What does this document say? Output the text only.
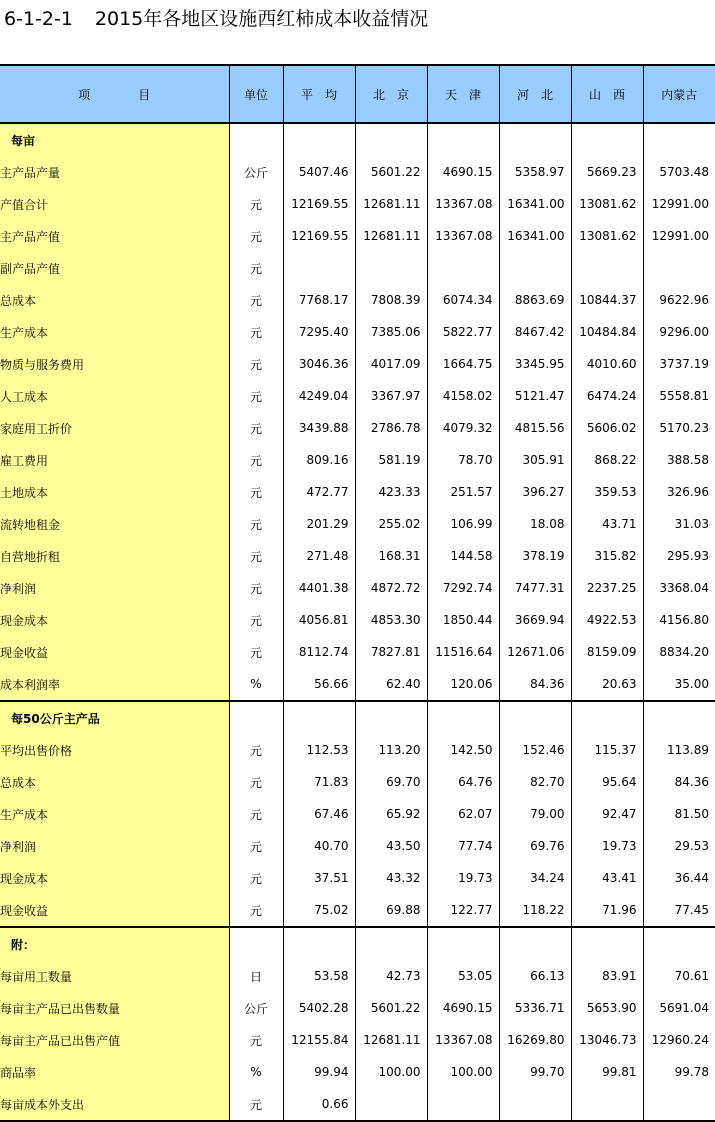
6-1-2-1 2015年各地区设施西红柿成本收益情况
项　　　　目	单位	平　均	北　京	天　津	河　北	山　西	内蒙古
每亩							
主产品产量	公斤	5407.46	5601.22	4690.15	5358.97	5669.23	5703.48
产值合计	元	12169.55	12681.11	13367.08	16341.00	13081.62	12991.00
主产品产值	元	12169.55	12681.11	13367.08	16341.00	13081.62	12991.00
副产品产值	元						
总成本	元	7768.17	7808.39	6074.34	8863.69	10844.37	9622.96
生产成本	元	7295.40	7385.06	5822.77	8467.42	10484.84	9296.00
物质与服务费用	元	3046.36	4017.09	1664.75	3345.95	4010.60	3737.19
人工成本	元	4249.04	3367.97	4158.02	5121.47	6474.24	5558.81
家庭用工折价	元	3439.88	2786.78	4079.32	4815.56	5606.02	5170.23
雇工费用	元	809.16	581.19	78.70	305.91	868.22	388.58
土地成本	元	472.77	423.33	251.57	396.27	359.53	326.96
流转地租金	元	201.29	255.02	106.99	18.08	43.71	31.03
自营地折租	元	271.48	168.31	144.58	378.19	315.82	295.93
净利润	元	4401.38	4872.72	7292.74	7477.31	2237.25	3368.04
现金成本	元	4056.81	4853.30	1850.44	3669.94	4922.53	4156.80
现金收益	元	8112.74	7827.81	11516.64	12671.06	8159.09	8834.20
成本利润率	%	56.66	62.40	120.06	84.36	20.63	35.00
每50公斤主产品							
平均出售价格	元	112.53	113.20	142.50	152.46	115.37	113.89
总成本	元	71.83	69.70	64.76	82.70	95.64	84.36
生产成本	元	67.46	65.92	62.07	79.00	92.47	81.50
净利润	元	40.70	43.50	77.74	69.76	19.73	29.53
现金成本	元	37.51	43.32	19.73	34.24	43.41	36.44
现金收益	元	75.02	69.88	122.77	118.22	71.96	77.45
附：							
每亩用工数量	日	53.58	42.73	53.05	66.13	83.91	70.61
每亩主产品已出售数量	公斤	5402.28	5601.22	4690.15	5336.71	5653.90	5691.04
每亩主产品已出售产值	元	12155.84	12681.11	13367.08	16269.80	13046.73	12960.24
商品率	%	99.94	100.00	100.00	99.70	99.81	99.78
每亩成本外支出	元	0.66					
